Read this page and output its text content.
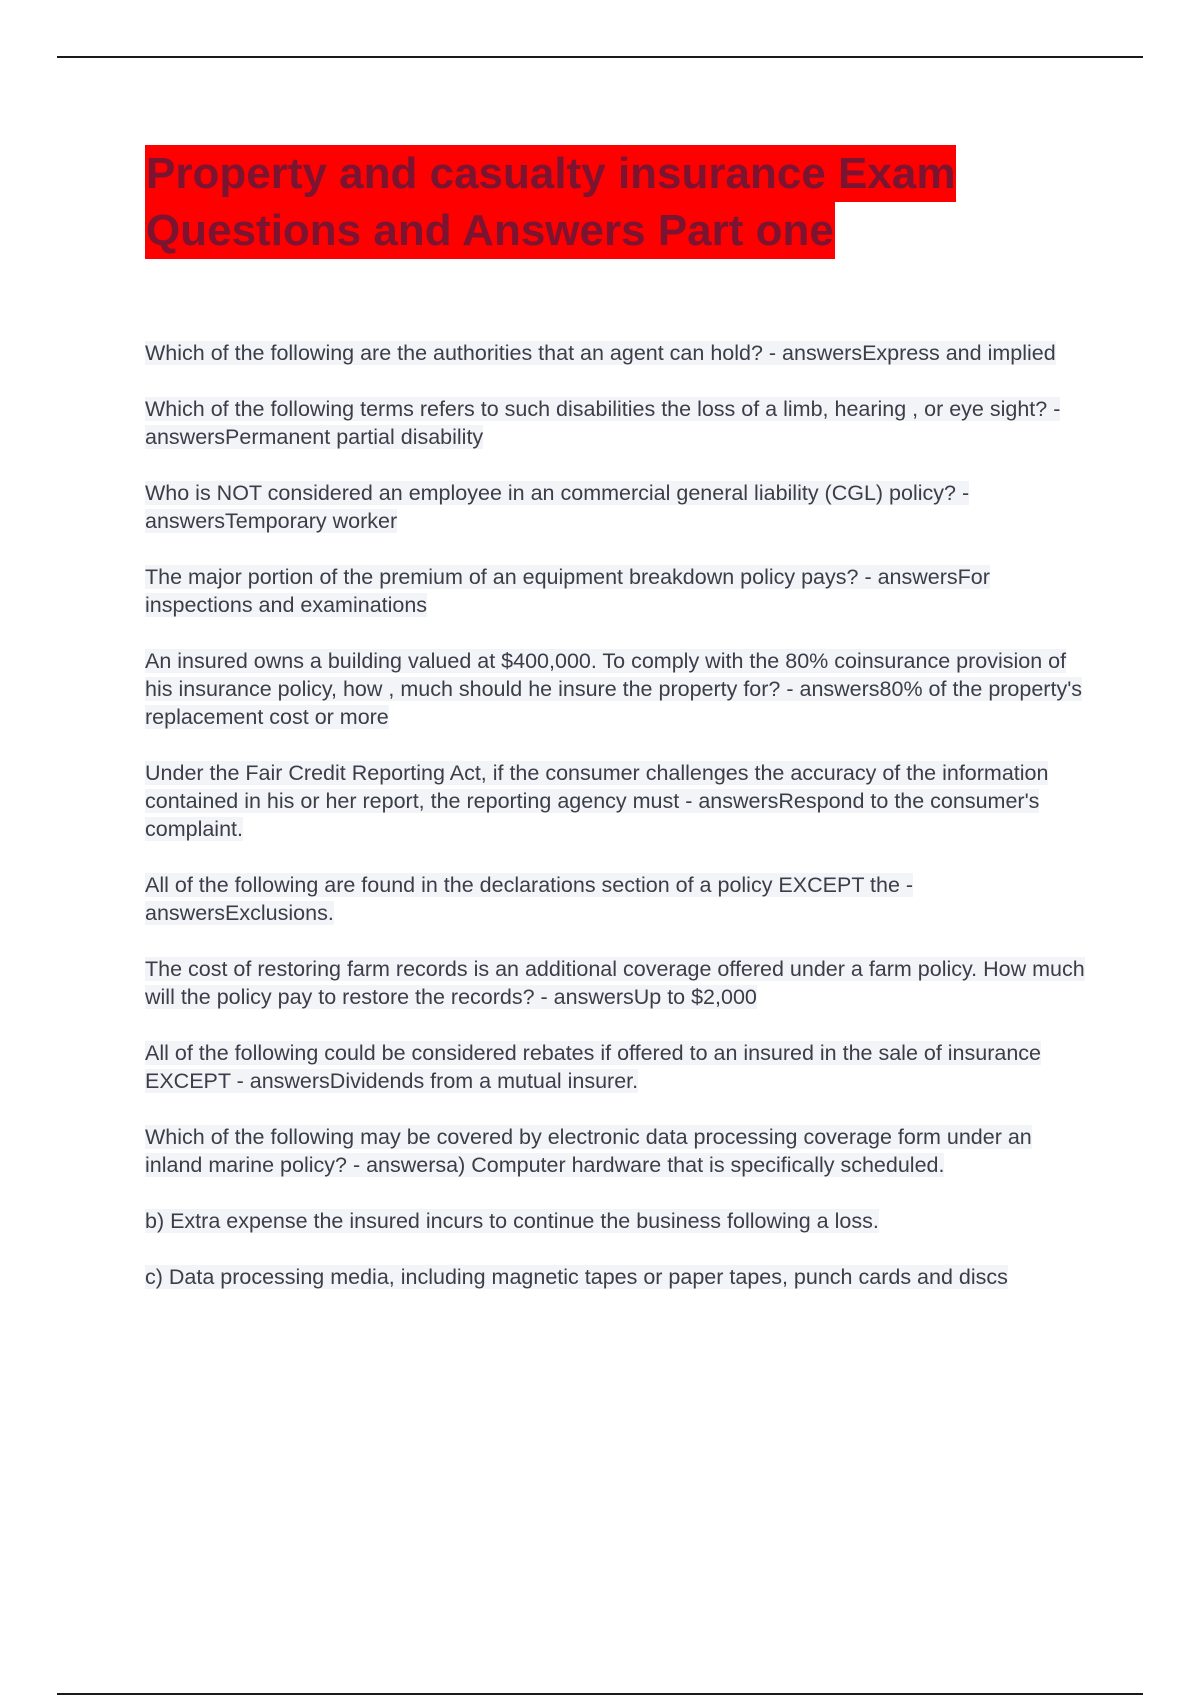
Property and casualty insurance Exam
Questions and Answers Part one

Which of the following are the authorities that an agent can hold? - answersExpress and implied

Which of the following terms refers to such disabilities the loss of a limb, hearing , or eye sight? - answersPermanent partial disability

Who is NOT considered an employee in an commercial general liability (CGL) policy? - answersTemporary worker

The major portion of the premium of an equipment breakdown policy pays? - answersFor inspections and examinations

An insured owns a building valued at $400,000. To comply with the 80% coinsurance provision of his insurance policy, how , much should he insure the property for? - answers80% of the property's replacement cost or more

Under the Fair Credit Reporting Act, if the consumer challenges the accuracy of the information contained in his or her report, the reporting agency must - answersRespond to the consumer's complaint.

All of the following are found in the declarations section of a policy EXCEPT the - answersExclusions.

The cost of restoring farm records is an additional coverage offered under a farm policy. How much will the policy pay to restore the records? - answersUp to $2,000

All of the following could be considered rebates if offered to an insured in the sale of insurance EXCEPT - answersDividends from a mutual insurer.

Which of the following may be covered by electronic data processing coverage form under an inland marine policy? - answersa) Computer hardware that is specifically scheduled.

b) Extra expense the insured incurs to continue the business following a loss.

c) Data processing media, including magnetic tapes or paper tapes, punch cards and discs
